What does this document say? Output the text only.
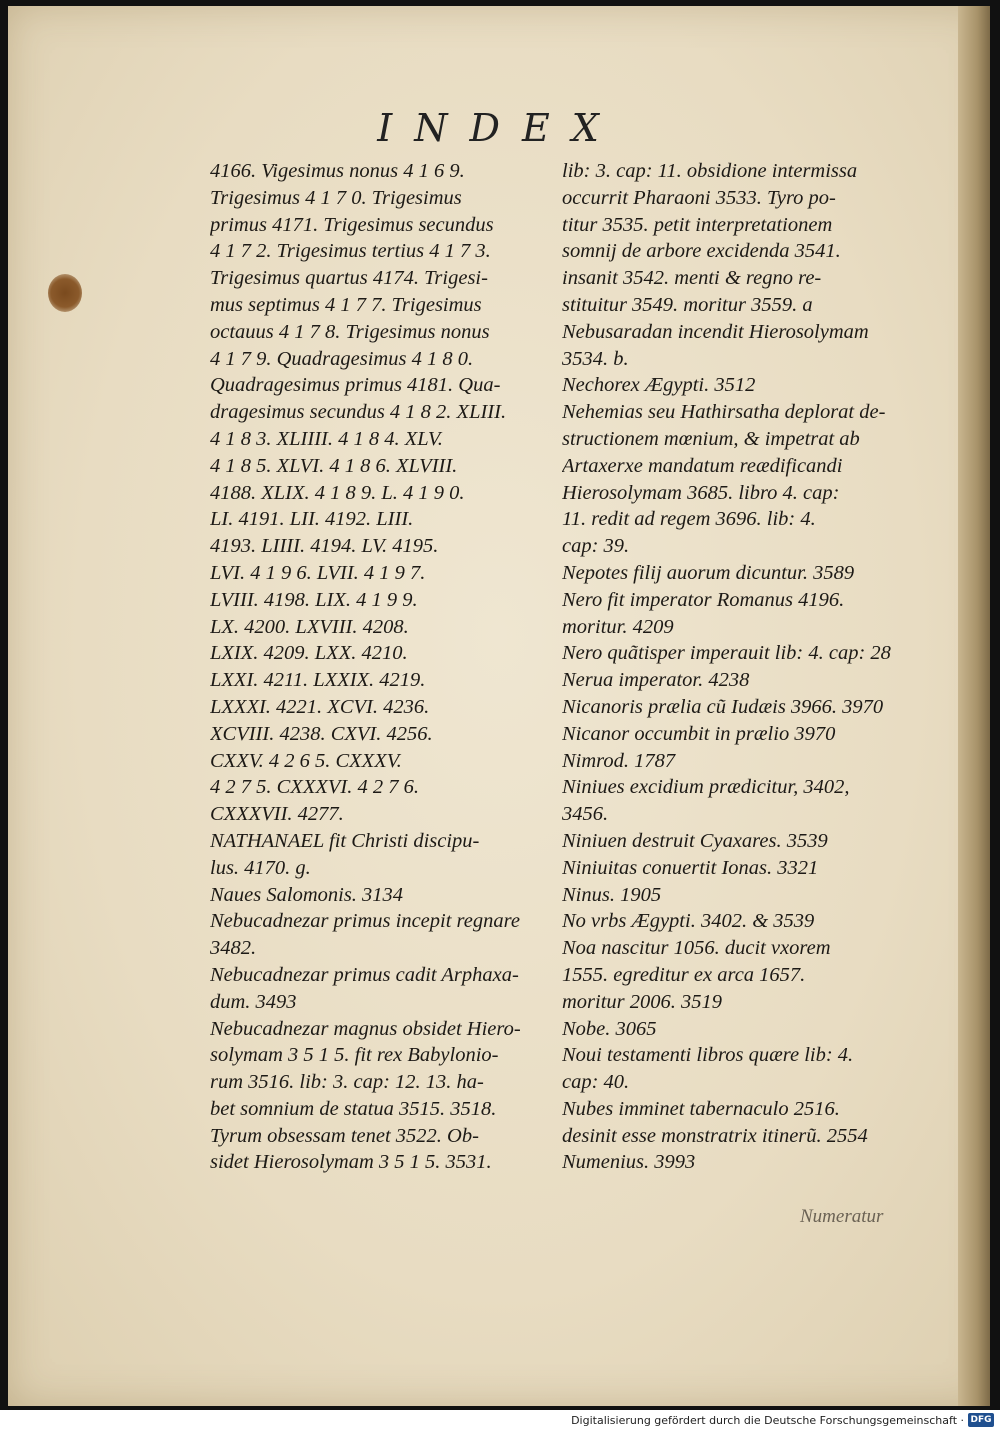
INDEX
4166. Vigesimus nonus 4 1 6 9.
Trigesimus 4 1 7 0. Trigesimus
primus 4171. Trigesimus secundus
4 1 7 2. Trigesimus tertius 4 1 7 3.
Trigesimus quartus 4174. Trigesi-
mus septimus 4 1 7 7. Trigesimus
octauus 4 1 7 8. Trigesimus nonus
4 1 7 9. Quadragesimus 4 1 8 0.
Quadragesimus primus 4181. Qua-
dragesimus secundus 4 1 8 2. XLIII.
4 1 8 3. XLIIII. 4 1 8 4. XLV.
4 1 8 5. XLVI. 4 1 8 6. XLVIII.
4188. XLIX. 4 1 8 9. L. 4 1 9 0.
LI. 4191. LII. 4192. LIII.
4193. LIIII. 4194. LV. 4195.
LVI. 4 1 9 6. LVII. 4 1 9 7.
LVIII. 4198. LIX. 4 1 9 9.
LX. 4200. LXVIII. 4208.
LXIX. 4209. LXX. 4210.
LXXI. 4211. LXXIX. 4219.
LXXXI. 4221. XCVI. 4236.
XCVIII. 4238. CXVI. 4256.
CXXV. 4 2 6 5. CXXXV.
4 2 7 5. CXXXVI. 4 2 7 6.
CXXXVII. 4277.
NATHANAEL fit Christi discipu-
lus. 4170. g.
Naues Salomonis. 3134
Nebucadnezar primus incepit regnare
3482.
Nebucadnezar primus cadit Arphaxa-
dum. 3493
Nebucadnezar magnus obsidet Hiero-
solymam 3 5 1 5. fit rex Babylonio-
rum 3516. lib: 3. cap: 12. 13. ha-
bet somnium de statua 3515. 3518.
Tyrum obsessam tenet 3522. Ob-
sidet Hierosolymam 3 5 1 5. 3531.
lib: 3. cap: 11. obsidione intermissa
occurrit Pharaoni 3533. Tyro po-
titur 3535. petit interpretationem
somnij de arbore excidenda 3541.
insanit 3542. menti & regno re-
stituitur 3549. moritur 3559. a
Nebusaradan incendit Hierosolymam
3534. b.
Nechorex Ægypti. 3512
Nehemias seu Hathirsatha deplorat de-
structionem mœnium, & impetrat ab
Artaxerxe mandatum reædificandi
Hierosolymam 3685. libro 4. cap:
11. redit ad regem 3696. lib: 4.
cap: 39.
Nepotes filij auorum dicuntur. 3589
Nero fit imperator Romanus 4196.
moritur. 4209
Nero quãtisper imperauit lib: 4. cap: 28
Nerua imperator. 4238
Nicanoris prælia cũ Iudæis 3966. 3970
Nicanor occumbit in prælio 3970
Nimrod. 1787
Niniues excidium prædicitur, 3402,
3456.
Niniuen destruit Cyaxares. 3539
Niniuitas conuertit Ionas. 3321
Ninus. 1905
No vrbs Ægypti. 3402. & 3539
Noa nascitur 1056. ducit vxorem
1555. egreditur ex arca 1657.
moritur 2006. 3519
Nobe. 3065
Noui testamenti libros quære lib: 4.
cap: 40.
Nubes imminet tabernaculo 2516.
desinit esse monstratrix itinerũ. 2554
Numenius. 3993
Numeratur
Digitalisierung gefördert durch die Deutsche Forschungsgemeinschaft · DFG
